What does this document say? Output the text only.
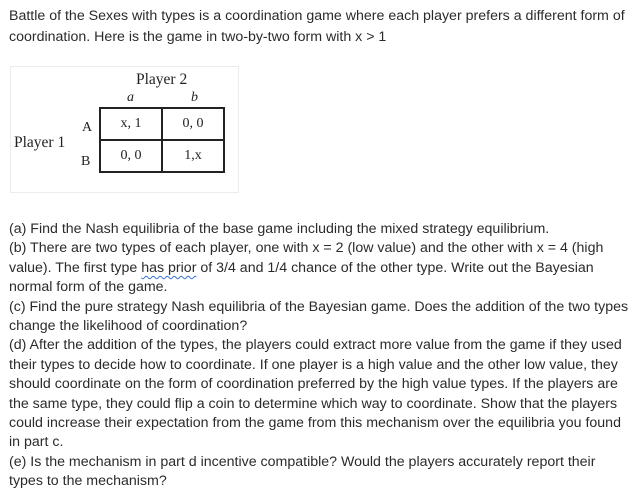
Battle of the Sexes with types is a coordination game where each player prefers a different form of coordination. Here is the game in two-by-two form with x > 1

Player 2
a	b
Player 1
A
B
x, 1	0, 0
0, 0	1,x

(a) Find the Nash equilibria of the base game including the mixed strategy equilibrium.

(b) There are two types of each player, one with x = 2 (low value) and the other with x = 4 (high value). The first type has prior of 3/4 and 1/4 chance of the other type. Write out the Bayesian normal form of the game.

(c) Find the pure strategy Nash equilibria of the Bayesian game. Does the addition of the two types change the likelihood of coordination?

(d) After the addition of the types, the players could extract more value from the game if they used their types to decide how to coordinate. If one player is a high value and the other low value, they should coordinate on the form of coordination preferred by the high value types. If the players are the same type, they could flip a coin to determine which way to coordinate. Show that the players could increase their expectation from the game from this mechanism over the equilibria you found in part c.

(e) Is the mechanism in part d incentive compatible? Would the players accurately report their types to the mechanism?
